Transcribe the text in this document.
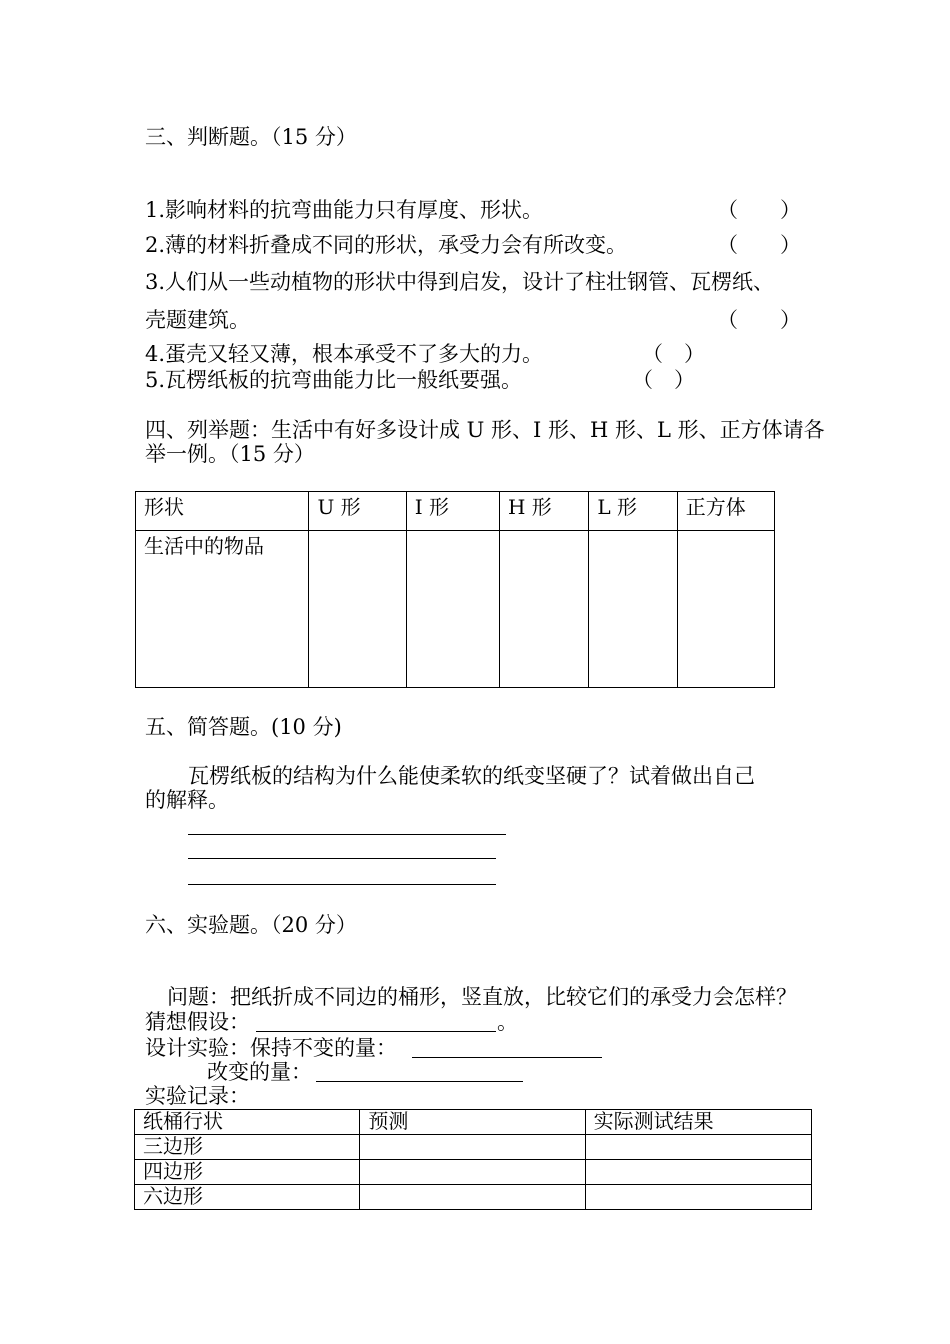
三、判断题。（15 分）
1.影响材料的抗弯曲能力只有厚度、形状。	（　　）
2.薄的材料折叠成不同的形状，承受力会有所改变。	（　　）
3.人们从一些动植物的形状中得到启发，设计了柱壮钢管、瓦楞纸、
壳题建筑。	（　　）
4.蛋壳又轻又薄，根本承受不了多大的力。	（　）
5.瓦楞纸板的抗弯曲能力比一般纸要强。	（　）
四、列举题：生活中有好多设计成 U 形、I 形、H 形、L 形、正方体请各
举一例。（15 分）
形状	U 形	I 形	H 形	L 形	正方体

生活中的物品					

五、简答题。(10 分)
瓦楞纸板的结构为什么能使柔软的纸变坚硬了？试着做出自己
的解释。
六、实验题。（20 分）
问题：把纸折成不同边的桶形，竖直放，比较它们的承受力会怎样？
猜想假设：	。
设计实验：保持不变的量：
改变的量：
实验记录：
纸桶行状	预测	实际测试结果

三边形		

四边形		

六边形		
